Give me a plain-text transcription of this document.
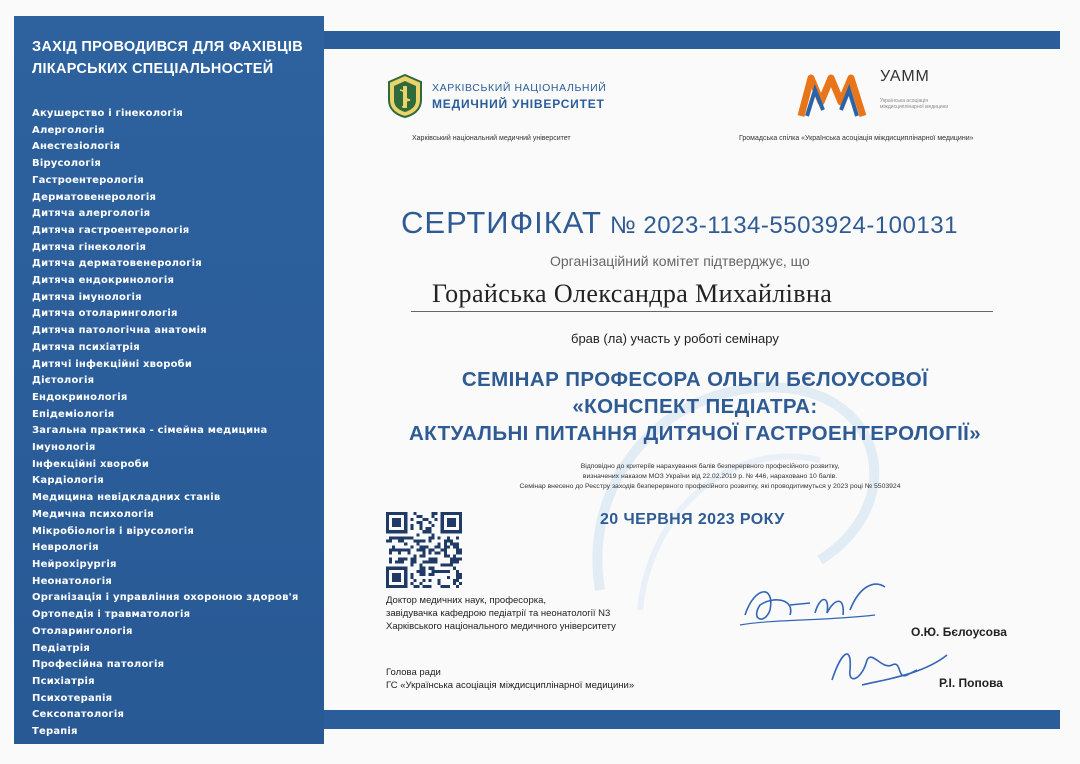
ЗАХІД ПРОВОДИВСЯ ДЛЯ ФАХІВЦІВ ЛІКАРСЬКИХ СПЕЦІАЛЬНОСТЕЙ
Акушерство і гінекологія
Алергологія
Анестезіологія
Вірусологія
Гастроентерологія
Дерматовенерологія
Дитяча алергологія
Дитяча гастроентерологія
Дитяча гінекологія
Дитяча дерматовенерологія
Дитяча ендокринологія
Дитяча імунологія
Дитяча отоларингологія
Дитяча патологічна анатомія
Дитяча психіатрія
Дитячі інфекційні хвороби
Дієтологія
Ендокринологія
Епідеміологія
Загальна практика - сімейна медицина
Імунологія
Інфекційні хвороби
Кардіологія
Медицина невідкладних станів
Медична психологія
Мікробіологія і вірусологія
Неврологія
Нейрохірургія
Неонатологія
Організація і управління охороною здоров'я
Ортопедія і травматологія
Отоларингологія
Педіатрія
Професійна патологія
Психіатрія
Психотерапія
Сексопатологія
Терапія
ХАРКІВСЬКИЙ НАЦІОНАЛЬНИЙ
МЕДИЧНИЙ УНІВЕРСИТЕТ
Харківський національний медичний університет
УАММ
Українська асоціація міждисциплінарної медицини
Громадська спілка «Українська асоціація міждисциплінарної медицини»
СЕРТИФІКАТ № 2023-1134-5503924-100131
Організаційний комітет підтверджує, що
Горайська Олександра Михайлівна
брав (ла) участь у роботі семінару
СЕМІНАР ПРОФЕСОРА ОЛЬГИ БЄЛОУСОВОЇ
«КОНСПЕКТ ПЕДІАТРА:
АКТУАЛЬНІ ПИТАННЯ ДИТЯЧОЇ ГАСТРОЕНТЕРОЛОГІЇ»
Відповідно до критеріїв нарахування балів безперервного професійного розвитку,
визначених наказом МОЗ України від 22.02.2019 р. № 446, нараховано 10 балів.
Семінар внесено до Реєстру заходів безперервного професійного розвитку, які проводитимуться у 2023 році № 5503924
20 ЧЕРВНЯ 2023 РОКУ
Доктор медичних наук, професорка,
завідувачка кафедрою педіатрії та неонатології N3
Харківського національного медичного університету	О.Ю. Бєлоусова
Голова ради
ГС «Українська асоціація міждисциплінарної медицини»	Р.І. Попова
